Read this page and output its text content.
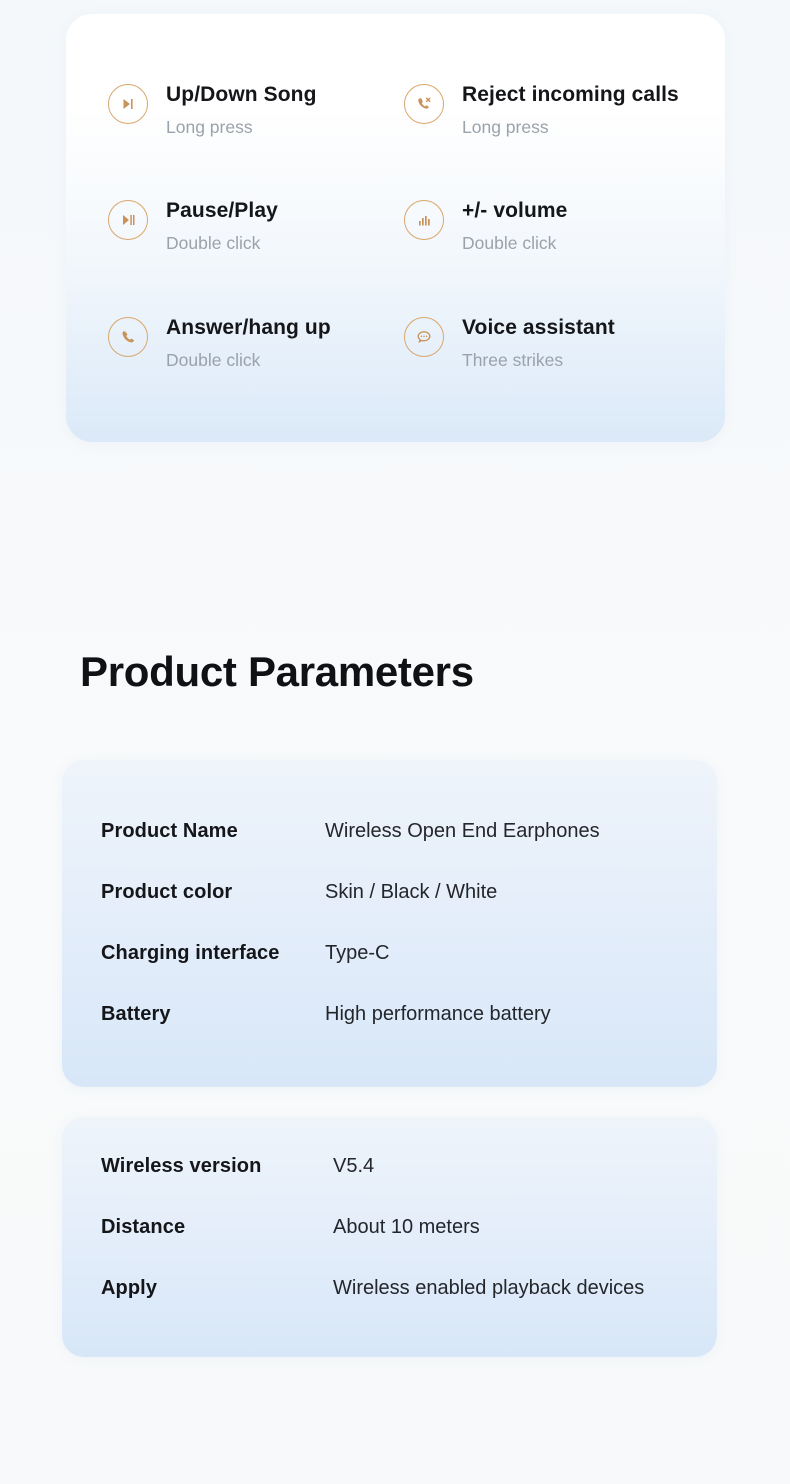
Up/Down Song
Long press
Reject incoming calls
Long press
Pause/Play
Double click
+/- volume
Double click
Answer/hang up
Double click
Voice assistant
Three strikes
Product Parameters
Product Name	Wireless Open End Earphones
Product color	Skin / Black / White
Charging interface	Type-C
Battery	High performance battery
Wireless version	V5.4
Distance	About 10 meters
Apply	Wireless enabled playback devices
